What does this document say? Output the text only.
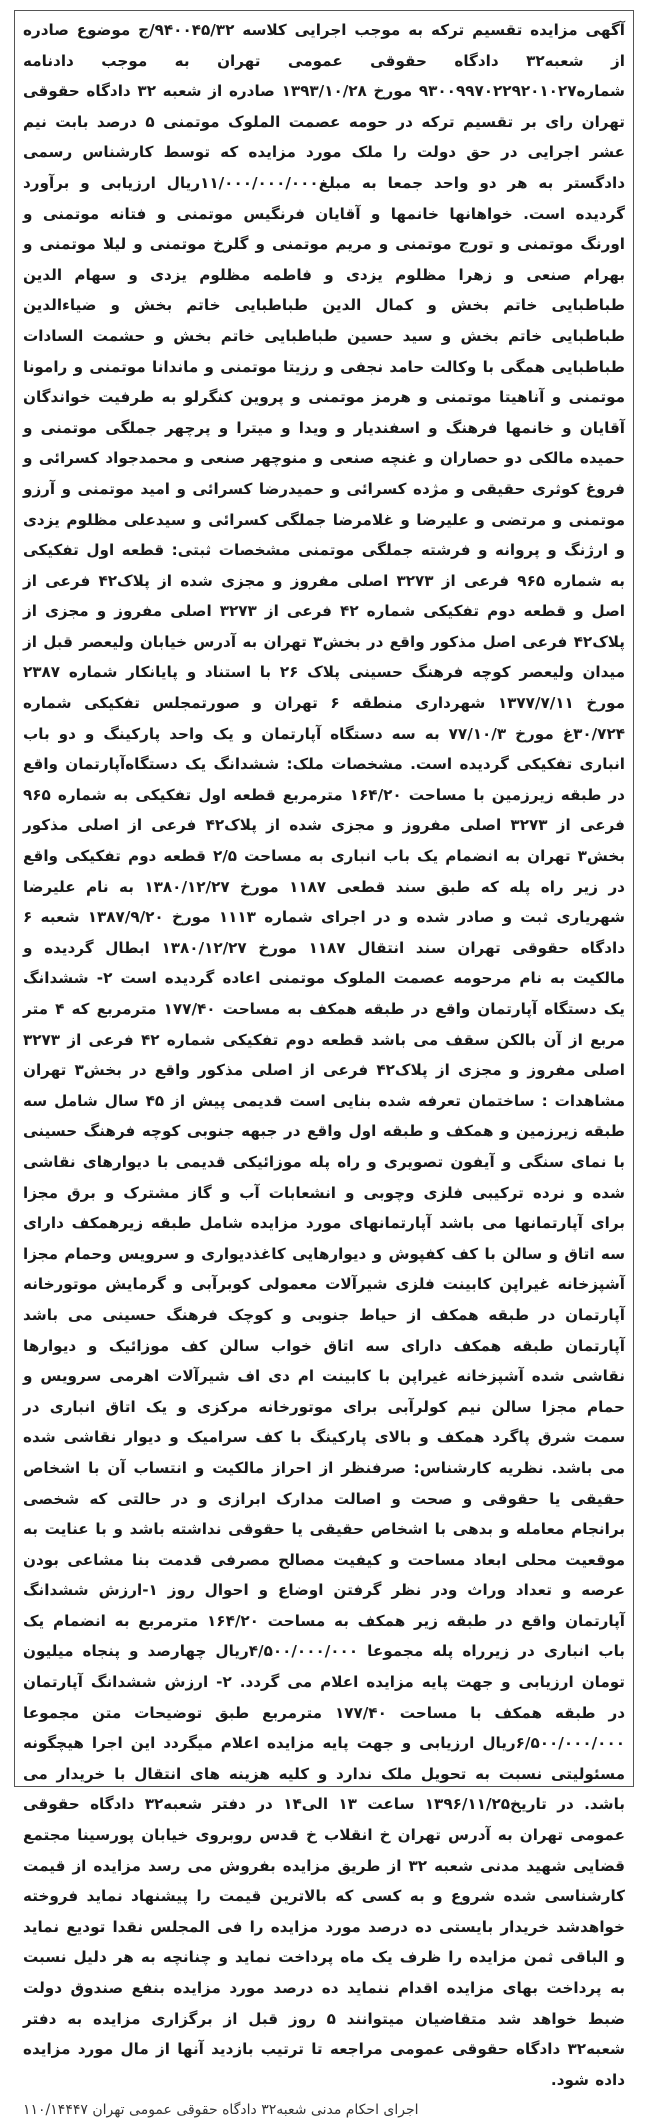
آگهی مزایده تقسیم ترکه به موجب اجرایی کلاسه ۹۴۰۰۴۵/۳۲/ج موضوع صادره از شعبه۳۲ دادگاه حقوقی عمومی تهران به موجب دادنامه شماره۹۳۰۰۹۹۷۰۲۲۹۲۰۱۰۲۷ مورخ ۱۳۹۳/۱۰/۲۸ صادره از شعبه ۳۲ دادگاه حقوقی تهران رای بر تقسیم ترکه در حومه عصمت الملوک موتمنی ۵ درصد بابت نیم عشر اجرایی در حق دولت را ملک مورد مزایده که توسط کارشناس رسمی دادگستر به هر دو واحد جمعا به مبلغ۱۱/۰۰۰/۰۰۰/۰۰۰ریال ارزیابی و برآورد گردیده است. خواهانها خانمها و آقایان فرنگیس موتمنی و فتانه موتمنی و اورنگ موتمنی و تورج موتمنی و مریم موتمنی و گلرخ موتمنی و لیلا موتمنی و بهرام صنعی و زهرا مظلوم یزدی و فاطمه مظلوم یزدی و سهام الدین طباطبایی خاتم بخش و کمال الدین طباطبایی خاتم بخش و ضیاءالدین طباطبایی خاتم بخش و سید حسین طباطبایی خاتم بخش و حشمت السادات طباطبایی همگی با وکالت حامد نجفی و رزیتا موتمنی و ماندانا موتمنی و رامونا موتمنی و آناهیتا موتمنی و هرمز موتمنی و پروین کنگرلو به طرفیت خواندگان آقایان و خانمها فرهنگ و اسفندیار و ویدا و میترا و پرچهر جملگی موتمنی و حمیده مالکی دو حصاران و غنچه صنعی و منوچهر صنعی و محمدجواد کسرائی و فروغ کوثری حقیقی و مژده کسرائی و حمیدرضا کسرائی و امید موتمنی و آرزو موتمنی و مرتضی و علیرضا و غلامرضا جملگی کسرائی و سیدعلی مظلوم یزدی و ارژنگ و پروانه و فرشته جملگی موتمنی مشخصات ثبتی: قطعه اول تفکیکی به شماره ۹۶۵ فرعی از ۳۲۷۳ اصلی مفروز و مجزی شده از پلاک۴۲ فرعی از اصل و قطعه دوم تفکیکی شماره ۴۲ فرعی از ۳۲۷۳ اصلی مفروز و مجزی از پلاک۴۲ فرعی اصل مذکور واقع در بخش۳ تهران به آدرس خیابان ولیعصر قبل از میدان ولیعصر کوچه فرهنگ حسینی پلاک ۲۶ با استناد و پایانکار شماره ۲۳۸۷ مورخ ۱۳۷۷/۷/۱۱ شهرداری منطقه ۶ تهران و صورتمجلس تفکیکی شماره ۳۰/۷۲۴غ مورخ ۷۷/۱۰/۳ به سه دستگاه آپارتمان و یک واحد پارکینگ و دو باب انباری تفکیکی گردیده است. مشخصات ملک: ششدانگ یک دستگاه‌آپارتمان واقع در طبقه زیرزمین با مساحت ۱۶۴/۲۰ مترمربع قطعه اول تفکیکی به شماره ۹۶۵ فرعی از ۳۲۷۳ اصلی مفروز و مجزی شده از پلاک۴۲ فرعی از اصلی مذکور بخش۳ تهران به انضمام یک باب انباری به مساحت ۲/۵ قطعه دوم تفکیکی واقع در زیر راه پله که طبق سند قطعی ۱۱۸۷ مورخ ۱۳۸۰/۱۲/۲۷ به نام علیرضا شهریاری ثبت و صادر شده و در اجرای شماره ۱۱۱۳ مورخ ۱۳۸۷/۹/۲۰ شعبه ۶ دادگاه حقوقی تهران سند انتقال ۱۱۸۷ مورخ ۱۳۸۰/۱۲/۲۷ ابطال گردیده و مالکیت به نام مرحومه عصمت الملوک موتمنی اعاده گردیده است ۲- ششدانگ یک دستگاه آپارتمان واقع در طبقه همکف به مساحت ۱۷۷/۴۰ مترمربع که ۴ متر مربع از آن بالکن سقف می باشد قطعه دوم تفکیکی شماره ۴۲ فرعی از ۳۲۷۳ اصلی مفروز و مجزی از پلاک۴۲ فرعی از اصلی مذکور واقع در بخش۳ تهران مشاهدات : ساختمان تعرفه شده بنایی است قدیمی پیش از ۴۵ سال شامل سه طبقه زیرزمین و همکف و طبقه اول واقع در جبهه جنوبی کوچه فرهنگ حسینی با نمای سنگی و آیفون تصویری و راه پله موزائیکی قدیمی با دیوارهای نقاشی شده و نرده ترکیبی فلزی وچوبی و انشعابات آب و گاز مشترک و برق مجزا برای آپارتمانها می باشد آپارتمانهای مورد مزایده شامل طبقه زیرهمکف دارای سه اتاق و سالن با کف کفپوش و دیوارهایی کاغذدیواری و سرویس وحمام مجزا آشپزخانه غیراپن کابینت فلزی شیرآلات معمولی کوبرآبی و گرمایش موتورخانه آپارتمان در طبقه همکف از حیاط جنوبی و کوچک فرهنگ حسینی می باشد آپارتمان طبقه همکف دارای سه اتاق خواب سالن کف موزائیک و دیوارها نقاشی شده آشپزخانه غیراپن با کابینت ام دی اف شیرآلات اهرمی سرویس و حمام مجزا سالن نیم کولرآبی برای موتورخانه مرکزی و یک اتاق انباری در سمت شرق پاگرد همکف و بالای پارکینگ با کف سرامیک و دیوار نقاشی شده می باشد. نظریه کارشناس: صرفنظر از احراز مالکیت و انتساب آن با اشخاص حقیقی یا حقوقی و صحت و اصالت مدارک ابرازی و در حالتی که شخصی برانجام معامله و بدهی با اشخاص حقیقی یا حقوقی نداشته باشد و با عنایت به موقعیت محلی ابعاد مساحت و کیفیت مصالح مصرفی قدمت بنا مشاعی بودن عرصه و تعداد وراث ودر نظر گرفتن اوضاع و احوال روز ۱-ارزش ششدانگ آپارتمان واقع در طبقه زیر همکف به مساحت ۱۶۴/۲۰ مترمربع به انضمام یک باب انباری در زیرراه پله مجموعا ۴/۵۰۰/۰۰۰/۰۰۰ریال چهارصد و پنجاه میلیون تومان ارزیابی و جهت پایه مزایده اعلام می گردد. ۲- ارزش ششدانگ آپارتمان در طبقه همکف با مساحت ۱۷۷/۴۰ مترمربع طبق توضیحات متن مجموعا ۶/۵۰۰/۰۰۰/۰۰۰ریال ارزیابی و جهت پایه مزایده اعلام میگردد این اجرا هیچگونه مسئولیتی نسبت به تحویل ملک ندارد و کلیه هزینه های انتقال با خریدار می باشد. در تاریخ۱۳۹۶/۱۱/۲۵ ساعت ۱۳ الی۱۴ در دفتر شعبه۳۲ دادگاه حقوقی عمومی تهران به آدرس تهران خ انقلاب خ قدس روبروی خیابان پورسینا مجتمع قضایی شهید مدنی شعبه ۳۲ از طریق مزایده بفروش می رسد مزایده از قیمت کارشناسی شده شروع و به کسی که بالاترین قیمت را پیشنهاد نماید فروخته خواهدشد خریدار بایستی ده درصد مورد مزایده را فی المجلس نقدا تودیع نماید و الباقی ثمن مزایده را ظرف یک ماه پرداخت نماید و چنانچه به هر دلیل نسبت به پرداخت بهای مزایده اقدام ننماید ده درصد مورد مزایده بنفع صندوق دولت ضبط خواهد شد متقاضیان میتوانند ۵ روز قبل از برگزاری مزایده به دفتر شعبه۳۲ دادگاه حقوقی عمومی مراجعه تا ترتیب بازدید آنها از مال مورد مزایده داده شود.

اجرای احکام مدنی شعبه۳۲ دادگاه حقوقی عمومی تهران ۱۱۰/۱۴۴۴۷
